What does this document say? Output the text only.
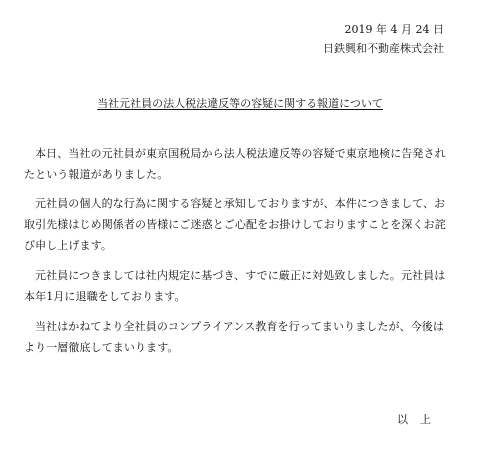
2019 年 4 月 24 日
日鉄興和不動産株式会社
当社元社員の法人税法違反等の容疑に関する報道について

本日、当社の元社員が東京国税局から法人税法違反等の容疑で東京地検に告発されたという報道がありました。

元社員の個人的な行為に関する容疑と承知しておりますが、本件につきまして、お取引先様はじめ関係者の皆様にご迷惑とご心配をお掛けしておりますことを深くお詫び申し上げます。

元社員につきましては社内規定に基づき、すでに厳正に対処致しました。元社員は本年1月に退職をしております。

当社はかねてより全社員のコンプライアンス教育を行ってまいりましたが、今後はより一層徹底してまいります。

以上
